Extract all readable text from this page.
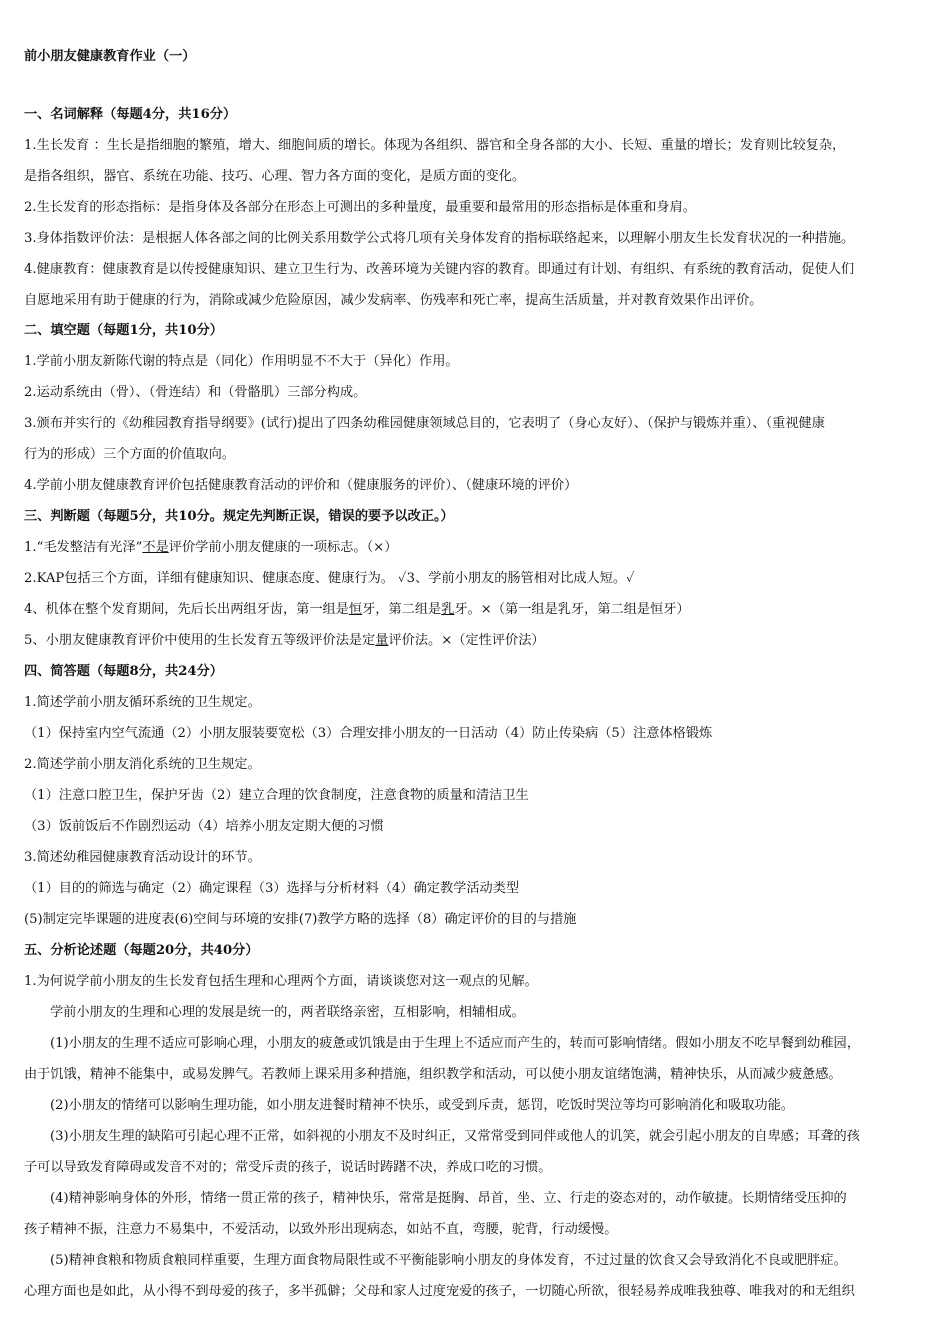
前小朋友健康教育作业（一）
一、名词解释（每题4分，共16分）
1.生长发育 ：生长是指细胞的繁殖，增大、细胞间质的增长。体现为各组织、器官和全身各部的大小、长短、重量的增长；发育则比较复杂，
是指各组织，器官、系统在功能、技巧、心理、智力各方面的变化，是质方面的变化。
2.生长发育的形态指标：是指身体及各部分在形态上可测出的多种量度，最重要和最常用的形态指标是体重和身肩。
3.身体指数评价法：是根据人体各部之间的比例关系用数学公式将几项有关身体发育的指标联络起来，以理解小朋友生长发育状况的一种措施。
4.健康教育：健康教育是以传授健康知识、建立卫生行为、改善环境为关键内容的教育。即通过有计划、有组织、有系统的教育活动，促使人们
自愿地采用有助于健康的行为，消除或减少危险原因，减少发病率、伤残率和死亡率，提高生活质量，并对教育效果作出评价。
二、填空题（每题1分，共10分）
1.学前小朋友新陈代谢的特点是（同化）作用明显不不大于（异化）作用。
2.运动系统由（骨）、（骨连结）和（骨骼肌）三部分构成。
3.颁布并实行的《幼稚园教育指导纲要》(试行)提出了四条幼稚园健康领域总目的，它表明了（身心友好）、（保护与锻炼并重）、（重视健康
行为的形成）三个方面的价值取向。
4.学前小朋友健康教育评价包括健康教育活动的评价和（健康服务的评价）、（健康环境的评价）
三、判断题（每题5分，共10分。规定先判断正误，错误的要予以改正。）
1.“毛发整洁有光泽”不是评价学前小朋友健康的一项标志。（×）
2.KAP包括三个方面，详细有健康知识、健康态度、健康行为。 ✓3、学前小朋友的肠管相对比成人短。✓
4、机体在整个发育期间，先后长出两组牙齿，第一组是恒牙，第二组是乳牙。×（第一组是乳牙，第二组是恒牙）
5、小朋友健康教育评价中使用的生长发育五等级评价法是定量评价法。×（定性评价法）
四、简答题（每题8分，共24分）
1.简述学前小朋友循环系统的卫生规定。
（1）保持室内空气流通（2）小朋友服装要宽松（3）合理安排小朋友的一日活动（4）防止传染病（5）注意体格锻炼
2.简述学前小朋友消化系统的卫生规定。
（1）注意口腔卫生，保护牙齿（2）建立合理的饮食制度，注意食物的质量和清洁卫生
（3）饭前饭后不作剧烈运动（4）培养小朋友定期大便的习惯
3.简述幼稚园健康教育活动设计的环节。
（1）目的的筛选与确定（2）确定课程（3）选择与分析材料（4）确定教学活动类型
(5)制定完毕课题的进度表(6)空间与环境的安排(7)教学方略的选择（8）确定评价的目的与措施
五、分析论述题（每题20分，共40分）
1.为何说学前小朋友的生长发育包括生理和心理两个方面，请谈谈您对这一观点的见解。
学前小朋友的生理和心理的发展是统一的，两者联络亲密，互相影响，相辅相成。
(1)小朋友的生理不适应可影响心理，小朋友的疲惫或饥饿是由于生理上不适应而产生的，转而可影响情绪。假如小朋友不吃早餐到幼稚园，
由于饥饿，精神不能集中，或易发脾气。若教师上课采用多种措施，组织教学和活动，可以使小朋友谊绪饱满，精神快乐，从而减少疲惫感。
(2)小朋友的情绪可以影响生理功能，如小朋友进餐时精神不快乐，或受到斥责，惩罚，吃饭时哭泣等均可影响消化和吸取功能。
(3)小朋友生理的缺陷可引起心理不正常，如斜视的小朋友不及时纠正，又常常受到同伴或他人的讥笑，就会引起小朋友的自卑感；耳聋的孩
子可以导致发育障碍或发音不对的；常受斥责的孩子，说话时踌躇不决，养成口吃的习惯。
(4)精神影响身体的外形，情绪一贯正常的孩子，精神快乐，常常是挺胸、昂首，坐、立、行走的姿态对的，动作敏捷。长期情绪受压抑的
孩子精神不振，注意力不易集中，不爱活动，以致外形出现病态，如站不直，弯腰，驼背，行动缓慢。
(5)精神食粮和物质食粮同样重要，生理方面食物局限性或不平衡能影响小朋友的身体发育，不过过量的饮食又会导致消化不良或肥胖症。
心理方面也是如此，从小得不到母爱的孩子，多半孤僻；父母和家人过度宠爱的孩子，一切随心所欲，很轻易养成唯我独尊、唯我对的和无组织
